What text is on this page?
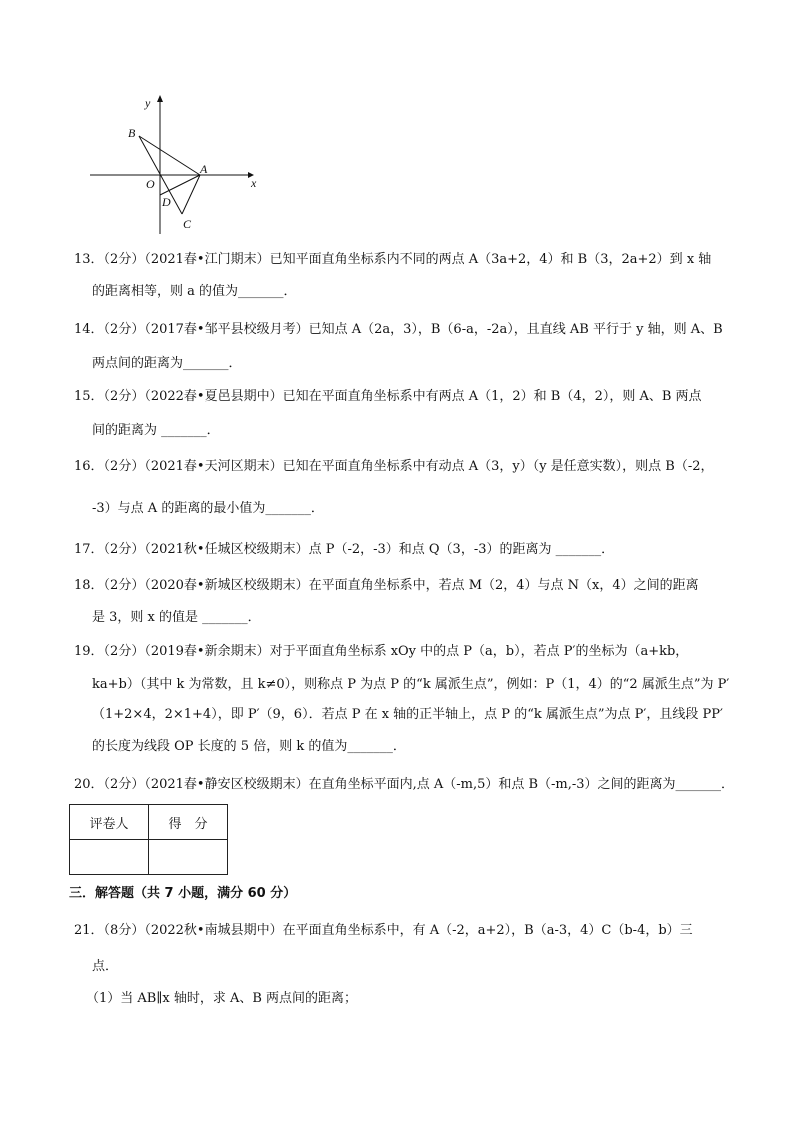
x
y
B
O
A
D
C
13．（2分）（2021春•江门期末）已知平面直角坐标系内不同的两点 A（3a+2，4）和 B（3，2a+2）到 x 轴
的距离相等，则 a 的值为_______．
14．（2分）（2017春•邹平县校级月考）已知点 A（2a，3），B（6-a，-2a），且直线 AB 平行于 y 轴，则 A、B
两点间的距离为_______．
15．（2分）（2022春•夏邑县期中）已知在平面直角坐标系中有两点 A（1，2）和 B（4，2），则 A、B 两点
间的距离为 _______．
16．（2分）（2021春•天河区期末）已知在平面直角坐标系中有动点 A（3，y）（y 是任意实数），则点 B（-2，
-3）与点 A 的距离的最小值为_______．
17．（2分）（2021秋•任城区校级期末）点 P（-2，-3）和点 Q（3，-3）的距离为 _______．
18．（2分）（2020春•新城区校级期末）在平面直角坐标系中，若点 M（2，4）与点 N（x，4）之间的距离
是 3，则 x 的值是 _______．
19．（2分）（2019春•新余期末）对于平面直角坐标系 xOy 中的点 P（a，b），若点 P′的坐标为（a+kb，
ka+b）（其中 k 为常数，且 k≠0），则称点 P 为点 P 的“k 属派生点”，例如：P（1，4）的“2 属派生点”为 P′
（1+2×4，2×1+4），即 P′（9，6）．若点 P 在 x 轴的正半轴上，点 P 的“k 属派生点”为点 P′，且线段 PP′
的长度为线段 OP 长度的 5 倍，则 k 的值为_______．
20．（2分）（2021春•静安区校级期末）在直角坐标平面内,点 A（-m,5）和点 B（-m,-3）之间的距离为_______．
评卷人	得　分

三．解答题（共 7 小题，满分 60 分）
21．（8分）（2022秋•南城县期中）在平面直角坐标系中，有 A（-2，a+2），B（a-3，4）C（b-4，b）三
点．
（1）当 AB∥x 轴时，求 A、B 两点间的距离；
